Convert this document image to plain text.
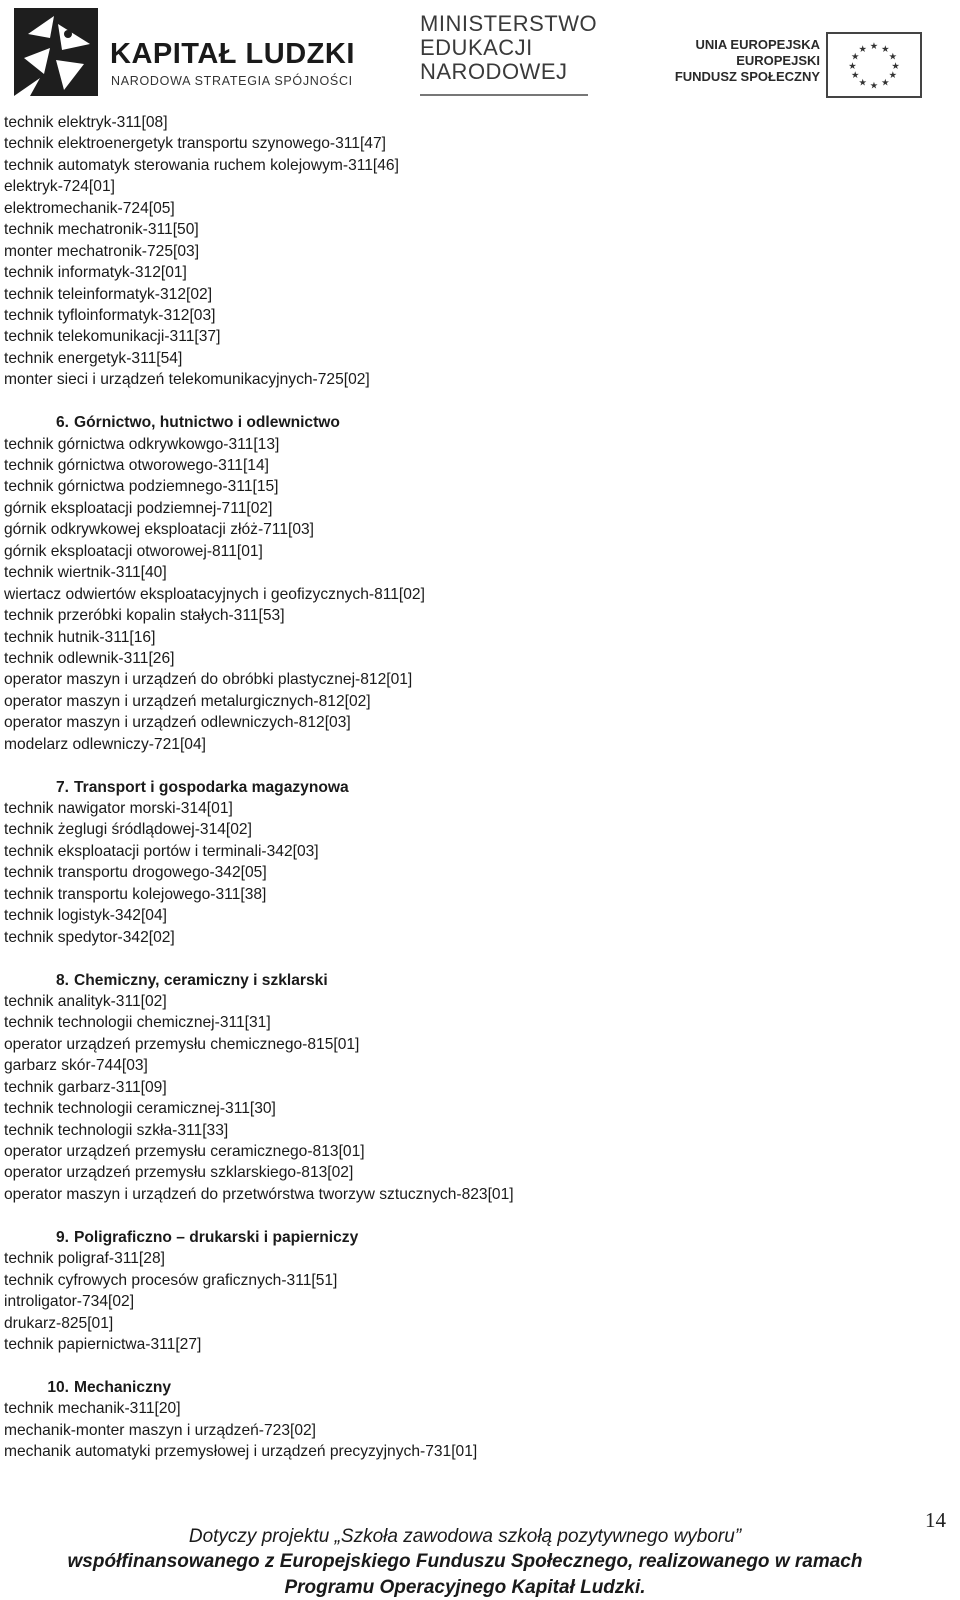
KAPITAŁ LUDZKI
NARODOWA STRATEGIA SPÓJNOŚCI
MINISTERSTWO
EDUKACJI
NARODOWEJ
UNIA EUROPEJSKA
EUROPEJSKI
FUNDUSZ SPOŁECZNY
★ ★
★
★
★
★
★
★
★
★
★
★
technik elektryk-311[08]
technik elektroenergetyk transportu szynowego-311[47]
technik automatyk sterowania ruchem kolejowym-311[46]
elektryk-724[01]
elektromechanik-724[05]
technik mechatronik-311[50]
monter mechatronik-725[03]
technik informatyk-312[01]
technik teleinformatyk-312[02]
technik tyfloinformatyk-312[03]
technik telekomunikacji-311[37]
technik energetyk-311[54]
monter sieci i urządzeń telekomunikacyjnych-725[02]
6. Górnictwo, hutnictwo i odlewnictwo
technik górnictwa odkrywkowgo-311[13]
technik górnictwa otworowego-311[14]
technik górnictwa podziemnego-311[15]
górnik eksploatacji podziemnej-711[02]
górnik odkrywkowej eksploatacji złóż-711[03]
górnik eksploatacji otworowej-811[01]
technik wiertnik-311[40]
wiertacz odwiertów eksploatacyjnych i geofizycznych-811[02]
technik przeróbki kopalin stałych-311[53]
technik hutnik-311[16]
technik odlewnik-311[26]
operator maszyn i urządzeń do obróbki plastycznej-812[01]
operator maszyn i urządzeń metalurgicznych-812[02]
operator maszyn i urządzeń odlewniczych-812[03]
modelarz odlewniczy-721[04]
7. Transport i gospodarka magazynowa
technik nawigator morski-314[01]
technik żeglugi śródlądowej-314[02]
technik eksploatacji portów i terminali-342[03]
technik transportu drogowego-342[05]
technik transportu kolejowego-311[38]
technik logistyk-342[04]
technik spedytor-342[02]
8. Chemiczny, ceramiczny i szklarski
technik analityk-311[02]
technik technologii chemicznej-311[31]
operator urządzeń przemysłu chemicznego-815[01]
garbarz skór-744[03]
technik garbarz-311[09]
technik technologii ceramicznej-311[30]
technik technologii szkła-311[33]
operator urządzeń przemysłu ceramicznego-813[01]
operator urządzeń przemysłu szklarskiego-813[02]
operator maszyn i urządzeń do przetwórstwa tworzyw sztucznych-823[01]
9. Poligraficzno – drukarski i papierniczy
technik poligraf-311[28]
technik cyfrowych procesów graficznych-311[51]
introligator-734[02]
drukarz-825[01]
technik papiernictwa-311[27]
10. Mechaniczny
technik mechanik-311[20]
mechanik-monter maszyn i urządzeń-723[02]
mechanik automatyki przemysłowej i urządzeń precyzyjnych-731[01]
14
Dotyczy projektu „Szkoła zawodowa szkołą pozytywnego wyboru”
współfinansowanego z Europejskiego Funduszu Społecznego, realizowanego w ramach
Programu Operacyjnego Kapitał Ludzki.
